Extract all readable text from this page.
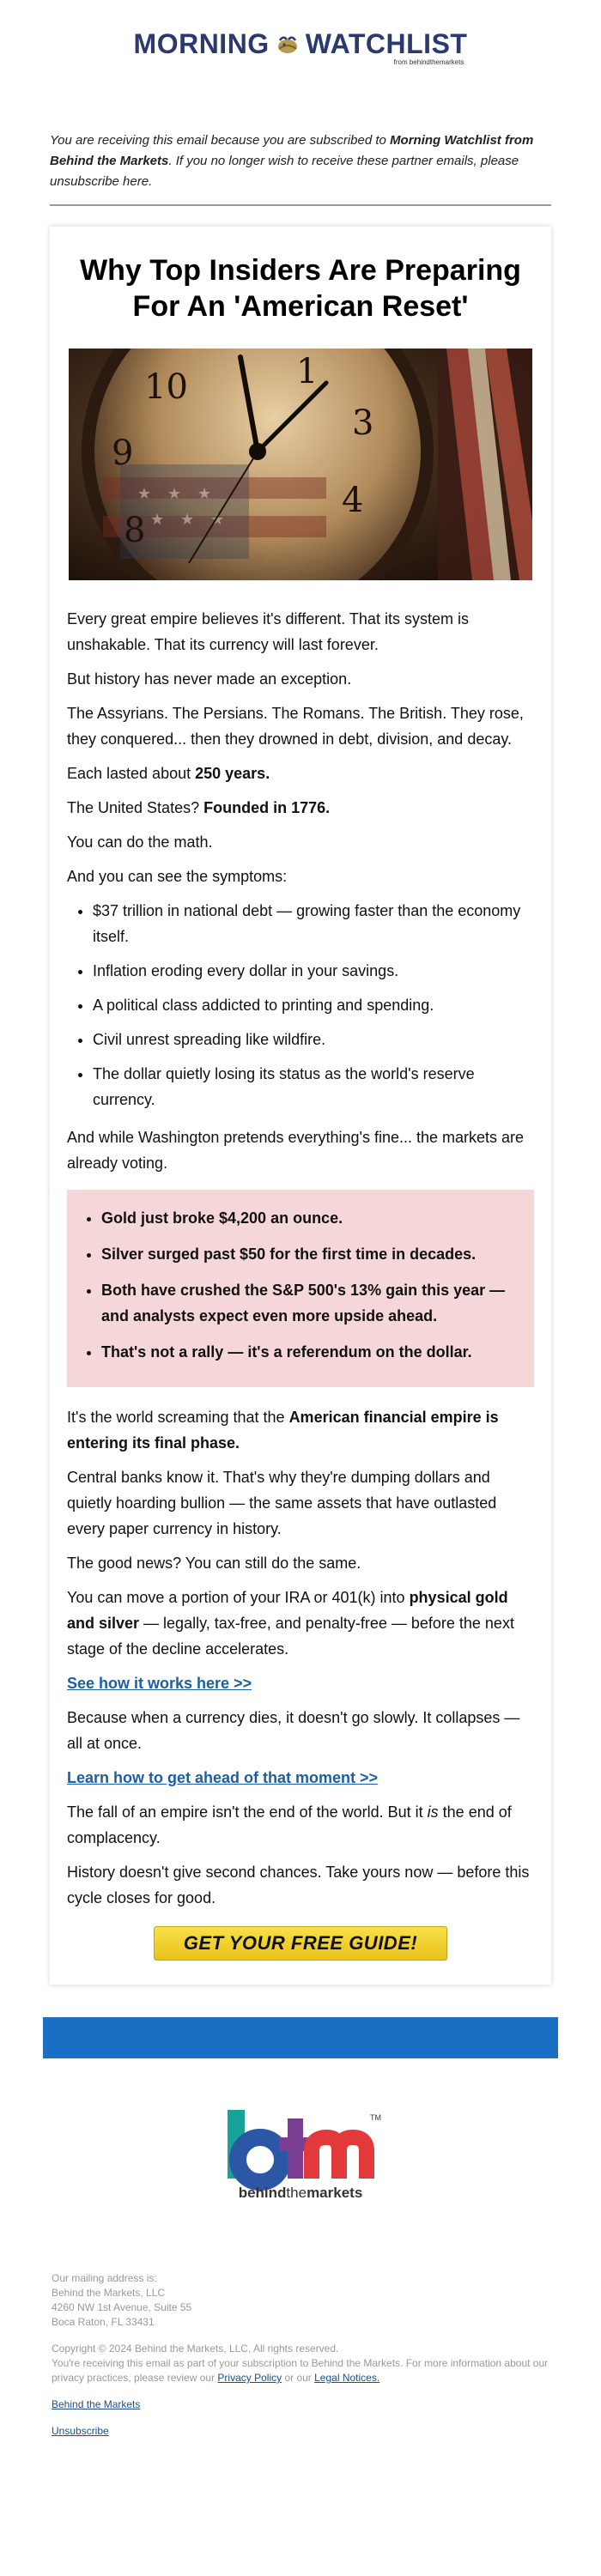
MORNING WATCHLIST
from behindthemarkets
You are receiving this email because you are subscribed to Morning Watchlist from Behind the Markets. If you no longer wish to receive these partner emails, please unsubscribe here.
Why Top Insiders Are Preparing For An 'American Reset'
★ ★ ★
★ ★ ★
10
9
8
3
4
1

Every great empire believes it's different. That its system is unshakable. That its currency will last forever.

But history has never made an exception.

The Assyrians. The Persians. The Romans. The British. They rose, they conquered... then they drowned in debt, division, and decay.

Each lasted about 250 years.

The United States? Founded in 1776.

You can do the math.

And you can see the symptoms:

• $37 trillion in national debt — growing faster than the economy itself.
• Inflation eroding every dollar in your savings.
• A political class addicted to printing and spending.
• Civil unrest spreading like wildfire.
• The dollar quietly losing its status as the world's reserve currency.

And while Washington pretends everything's fine... the markets are already voting.

• Gold just broke $4,200 an ounce.
• Silver surged past $50 for the first time in decades.
• Both have crushed the S&P 500's 13% gain this year — and analysts expect even more upside ahead.
• That's not a rally — it's a referendum on the dollar.

It's the world screaming that the American financial empire is entering its final phase.

Central banks know it. That's why they're dumping dollars and quietly hoarding bullion — the same assets that have outlasted every paper currency in history.

The good news? You can still do the same.

You can move a portion of your IRA or 401(k) into physical gold and silver — legally, tax-free, and penalty-free — before the next stage of the decline accelerates.

See how it works here >>

Because when a currency dies, it doesn't go slowly. It collapses — all at once.

Learn how to get ahead of that moment >>

The fall of an empire isn't the end of the world. But it is the end of complacency.

History doesn't give second chances. Take yours now — before this cycle closes for good.

GET YOUR FREE GUIDE!
TM
behindthemarkets
Our mailing address is:
Behind the Markets, LLC
4260 NW 1st Avenue, Suite 55
Boca Raton, FL 33431
Copyright © 2024 Behind the Markets, LLC, All rights reserved.
You're receiving this email as part of your subscription to Behind the Markets. For more information about our privacy practices, please review our Privacy Policy or our Legal Notices.
Behind the Markets
Unsubscribe
